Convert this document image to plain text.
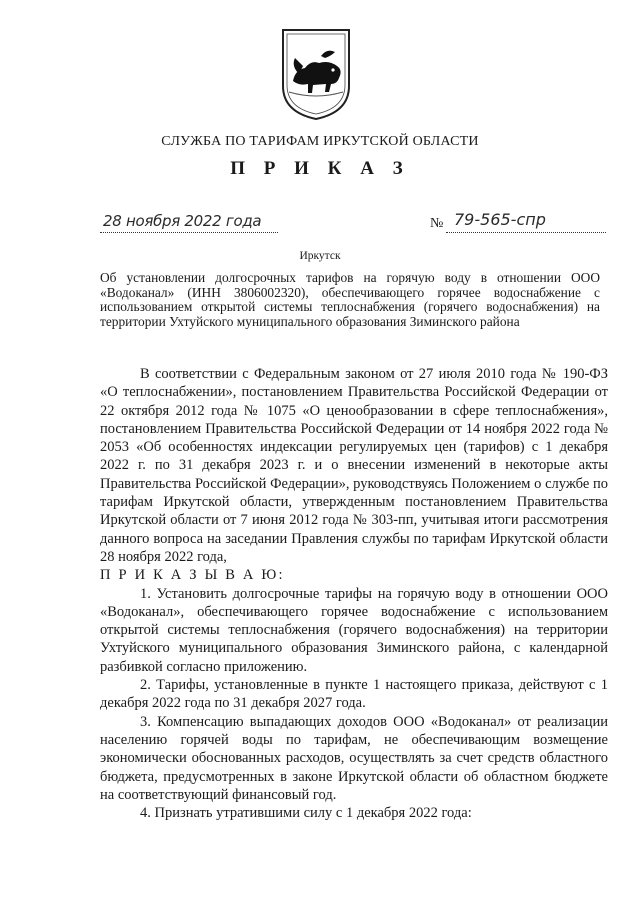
СЛУЖБА ПО ТАРИФАМ ИРКУТСКОЙ ОБЛАСТИ
П Р И К А З
28 ноября 2022 года	№ 79-565-спр
Иркутск
Об установлении долгосрочных тарифов на горячую воду в отношении ООО «Водоканал» (ИНН 3806002320), обеспечивающего горячее водоснабжение с использованием открытой системы теплоснабжения (горячего водоснабжения) на территории Ухтуйского муниципального образования Зиминского района

В соответствии с Федеральным законом от 27 июля 2010 года № 190-ФЗ «О теплоснабжении», постановлением Правительства Российской Федерации от 22 октября 2012 года № 1075 «О ценообразовании в сфере теплоснабжения», постановлением Правительства Российской Федерации от 14 ноября 2022 года № 2053 «Об особенностях индексации регулируемых цен (тарифов) с 1 декабря 2022 г. по 31 декабря 2023 г. и о внесении изменений в некоторые акты Правительства Российской Федерации», руководствуясь Положением о службе по тарифам Иркутской области, утвержденным постановлением Правительства Иркутской области от 7 июня 2012 года № 303-пп, учитывая итоги рассмотрения данного вопроса на заседании Правления службы по тарифам Иркутской области 28 ноября 2022 года,

П Р И К А З Ы В А Ю:

1. Установить долгосрочные тарифы на горячую воду в отношении ООО «Водоканал», обеспечивающего горячее водоснабжение с использованием открытой системы теплоснабжения (горячего водоснабжения) на территории Ухтуйского муниципального образования Зиминского района, с календарной разбивкой согласно приложению.

2. Тарифы, установленные в пункте 1 настоящего приказа, действуют с 1 декабря 2022 года по 31 декабря 2027 года.

3. Компенсацию выпадающих доходов ООО «Водоканал» от реализации населению горячей воды по тарифам, не обеспечивающим возмещение экономически обоснованных расходов, осуществлять за счет средств областного бюджета, предусмотренных в законе Иркутской области об областном бюджете на соответствующий финансовый год.

4. Признать утратившими силу с 1 декабря 2022 года:
